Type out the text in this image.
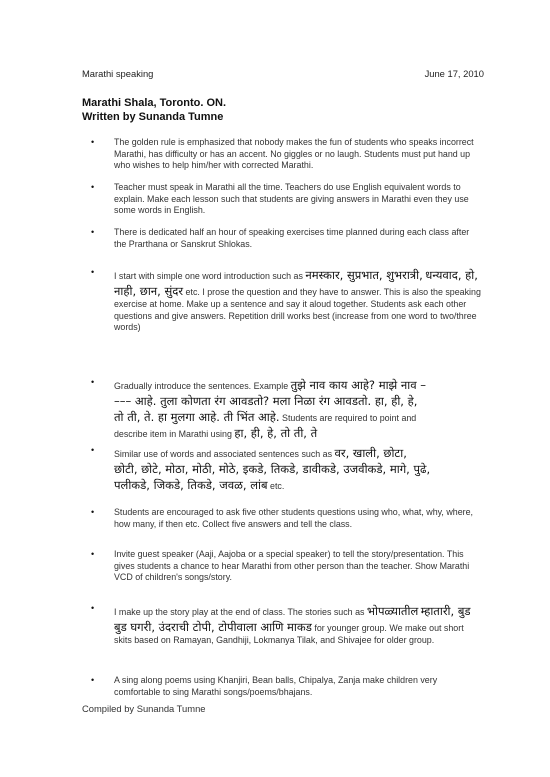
Marathi speaking	June 17, 2010
Marathi Shala, Toronto. ON.
Written by Sunanda Tumne
• The golden rule is emphasized that nobody makes the fun of students who speaks incorrect Marathi, has difficulty or has an accent. No giggles or no laugh. Students must put hand up who wishes to help him/her with corrected Marathi.
• Teacher must speak in Marathi all the time. Teachers do use English equivalent words to explain. Make each lesson such that students are giving answers in Marathi even they use some words in English.
• There is dedicated half an hour of speaking exercises time planned during each class after the Prarthana or Sanskrut Shlokas.
• I start with simple one word introduction such as नमस्कार, सुप्रभात, शुभरात्री, धन्यवाद, हो, नाही, छान, सुंदर etc. I prose the question and they have to answer. This is also the speaking exercise at home. Make up a sentence and say it aloud together. Students ask each other questions and give answers. Repetition drill works best (increase from one word to two/three words)
• Gradually introduce the sentences. Example तुझे नाव काय आहे? माझे नाव –
––– आहे. तुला कोणता रंग आवडतो? मला निळा रंग आवडतो. हा, ही, हे,
तो ती, ते. हा मुलगा आहे. ती भिंत आहे. Students are required to point and
describe item in Marathi using हा, ही, हे, तो ती, ते
• Similar use of words and associated sentences such as वर, खाली, छोटा,
छोटी, छोटे, मोठा, मोठी, मोठे, इकडे, तिकडे, डावीकडे, उजवीकडे, मागे, पुढे,
पलीकडे, जिकडे, तिकडे, जवळ, लांब etc.
• Students are encouraged to ask five other students questions using who, what, why, where, how many, if then etc. Collect five answers and tell the class.
• Invite guest speaker (Aaji, Aajoba or a special speaker) to tell the story/presentation. This gives students a chance to hear Marathi from other person than the teacher. Show Marathi VCD of children's songs/story.
• I make up the story play at the end of class. The stories such as भोपळ्यातील म्हातारी, बुड बुड घगरी, उंदराची टोपी, टोपीवाला आणि माकड for younger group. We make out short skits based on Ramayan, Gandhiji, Lokmanya Tilak, and Shivajee for older group.
• A sing along poems using Khanjiri, Bean balls, Chipalya, Zanja make children very comfortable to sing Marathi songs/poems/bhajans.
Compiled by Sunanda Tumne
